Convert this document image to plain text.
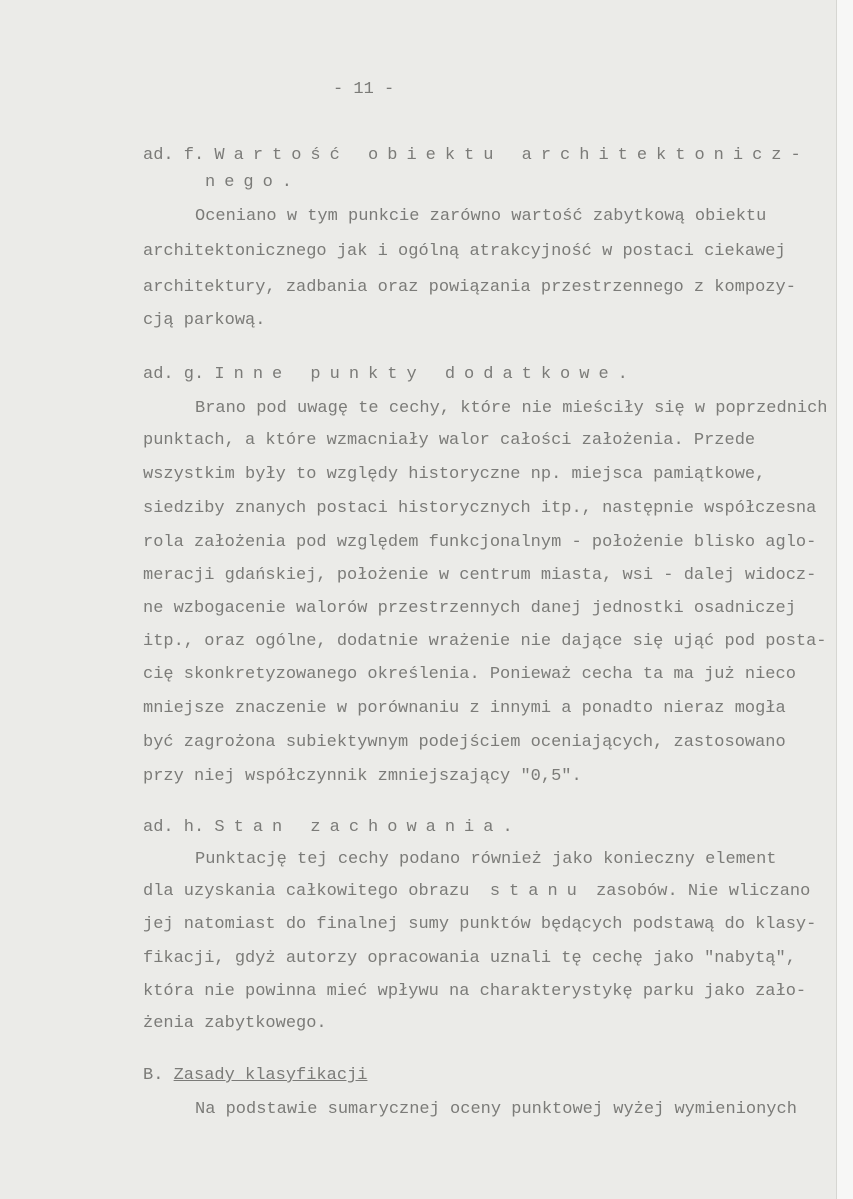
- 11 -
ad. f. Wartość obiektu architektonicz-
nego.
Oceniano w tym punkcie zarówno wartość zabytkową obiektu
architektonicznego jak i ogólną atrakcyjność w postaci ciekawej
architektury, zadbania oraz powiązania przestrzennego z kompozy-
cją parkową.
ad. g. Inne punkty dodatkowe.
Brano pod uwagę te cechy, które nie mieściły się w poprzednich
punktach, a które wzmacniały walor całości założenia. Przede
wszystkim były to względy historyczne np. miejsca pamiątkowe,
siedziby znanych postaci historycznych itp., następnie współczesna
rola założenia pod względem funkcjonalnym - położenie blisko aglo-
meracji gdańskiej, położenie w centrum miasta, wsi - dalej widocz-
ne wzbogacenie walorów przestrzennych danej jednostki osadniczej
itp., oraz ogólne, dodatnie wrażenie nie dające się ująć pod posta-
cię skonkretyzowanego określenia. Ponieważ cecha ta ma już nieco
mniejsze znaczenie w porównaniu z innymi a ponadto nieraz mogła
być zagrożona subiektywnym podejściem oceniających, zastosowano
przy niej współczynnik zmniejszający "0,5".
ad. h. Stan zachowania.
Punktację tej cechy podano również jako konieczny element
dla uzyskania całkowitego obrazu stanu zasobów. Nie wliczano
jej natomiast do finalnej sumy punktów będących podstawą do klasy-
fikacji, gdyż autorzy opracowania uznali tę cechę jako "nabytą",
która nie powinna mieć wpływu na charakterystykę parku jako zało-
żenia zabytkowego.
B. Zasady klasyfikacji
Na podstawie sumarycznej oceny punktowej wyżej wymienionych
